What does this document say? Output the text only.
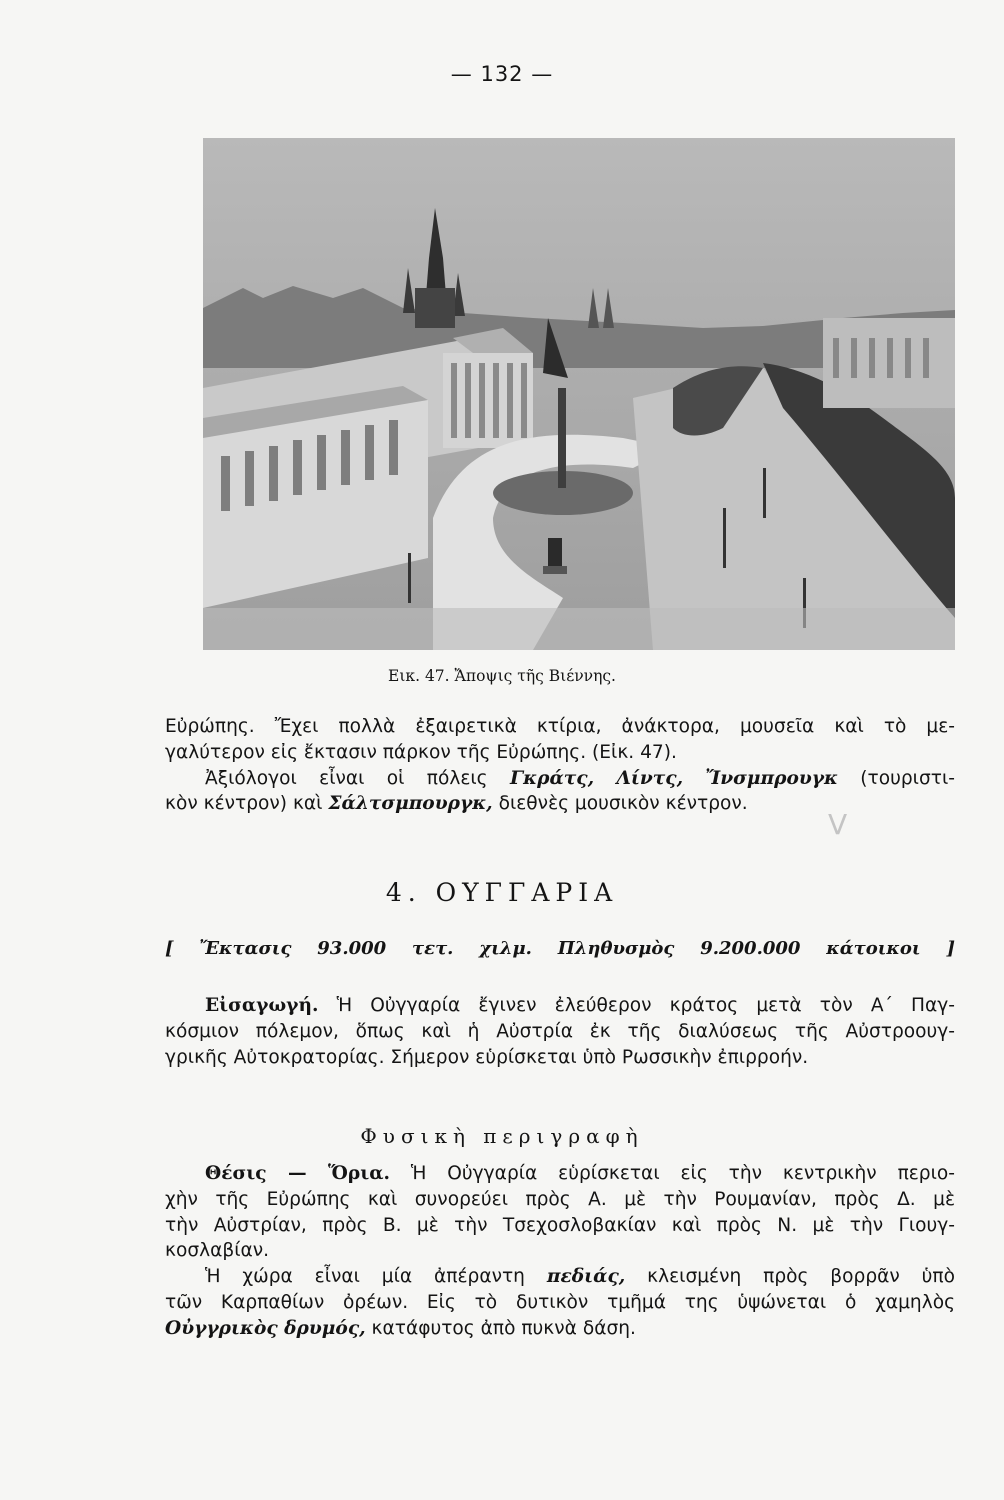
— 132 —
Εικ. 47. Ἄποψις τῆς Βιέννης.

Εὐρώπης. Ἔχει πολλὰ ἐξαιρετικὰ κτίρια, ἀνάκτορα, μουσεῖα καὶ τὸ με-
γαλύτερον εἰς ἔκτασιν πάρκον τῆς Εὐρώπης. (Εἰκ. 47).

Ἀξιόλογοι εἶναι οἱ πόλεις Γκράτς, Λίντς, Ἴνσμπρουγκ (τουριστι-
κὸν κέντρον) καὶ Σάλτσμπουργκ, διεθνὲς μουσικὸν κέντρον.

V
4. ΟΥΓΓΑΡΙΑ
[ Ἔκτασις 93.000 τετ. χιλμ. Πληθυσμὸς 9.200.000 κάτοικοι ]

Εἰσαγωγή. Ἡ Οὐγγαρία ἔγινεν ἐλεύθερον κράτος μετὰ τὸν Α΄ Παγ-
κόσμιον πόλεμον, ὅπως καὶ ἡ Αὐστρία ἐκ τῆς διαλύσεως τῆς Αὐστροουγ-
γρικῆς Αὐτοκρατορίας. Σήμερον εὑρίσκεται ὑπὸ Ρωσσικὴν ἐπιρροήν.

Φυσικὴ περιγραφὴ

Θέσις — Ὅρια. Ἡ Οὐγγαρία εὑρίσκεται εἰς τὴν κεντρικὴν περιο-
χὴν τῆς Εὐρώπης καὶ συνορεύει πρὸς Α. μὲ τὴν Ρουμανίαν, πρὸς Δ. μὲ
τὴν Αὐστρίαν, πρὸς Β. μὲ τὴν Τσεχοσλοβακίαν καὶ πρὸς Ν. μὲ τὴν Γιουγ-
κοσλαβίαν.

Ἡ χώρα εἶναι μία ἀπέραντη πεδιάς, κλεισμένη πρὸς βορρᾶν ὑπὸ
τῶν Καρπαθίων ὀρέων. Εἰς τὸ δυτικὸν τμῆμά της ὑψώνεται ὁ χαμηλὸς
Οὐγγρικὸς δρυμός, κατάφυτος ἀπὸ πυκνὰ δάση.
